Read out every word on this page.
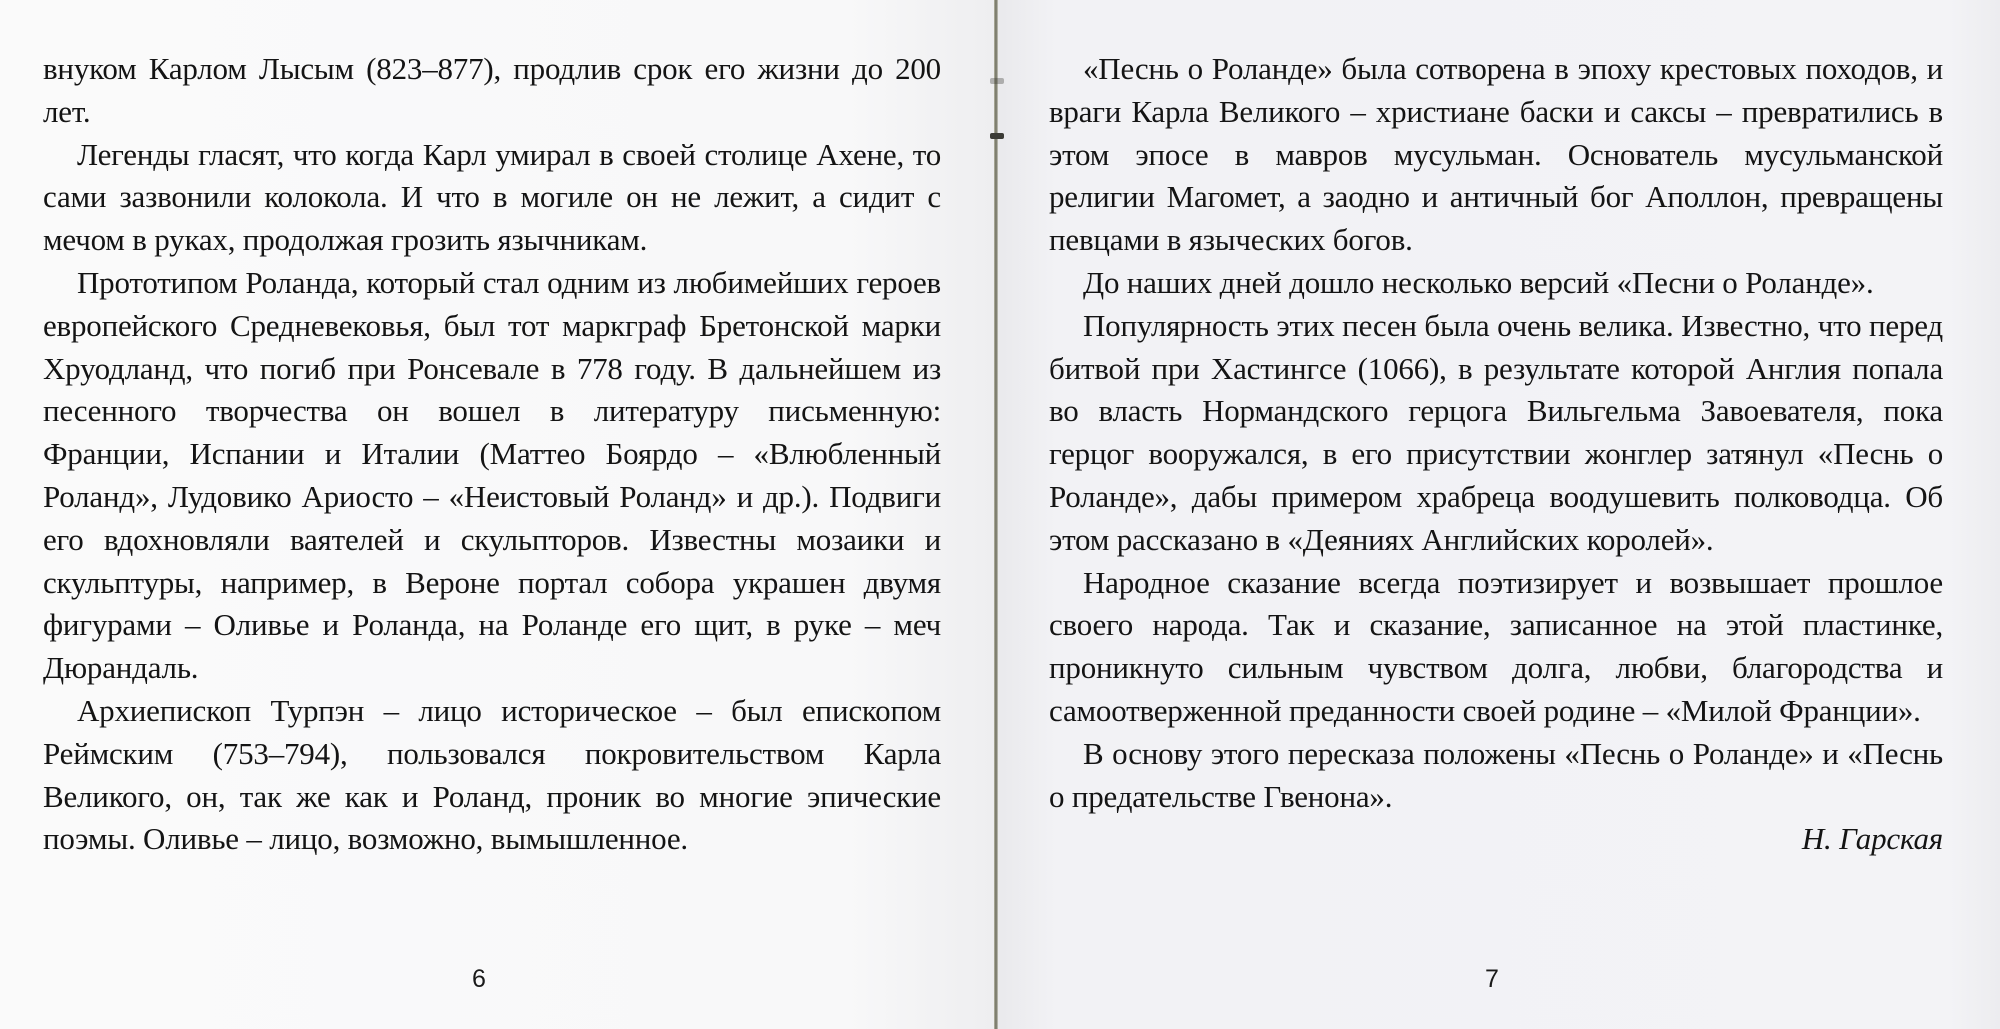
внуком Карлом Лысым (823–877), продлив срок его жизни до 200 лет.

Легенды гласят, что когда Карл умирал в своей столице Ахене, то сами зазвонили колокола. И что в могиле он не лежит, а сидит с мечом в руках, продолжая грозить язычникам.

Прототипом Роланда, который стал одним из любимейших героев европейского Средневековья, был тот маркграф Бретонской марки Хруодланд, что погиб при Ронсевале в 778 году. В дальнейшем из песенного творчества он вошел в литературу письменную: Франции, Испании и Италии (Маттео Боярдо – «Влюбленный Роланд», Лудовико Ариосто – «Неистовый Роланд» и др.). Подвиги его вдохновляли ваятелей и скульпторов. Известны мозаики и скульптуры, например, в Вероне портал собора украшен двумя фигурами – Оливье и Роланда, на Роланде его щит, в руке – меч Дюрандаль.

Архиепископ Турпэн – лицо историческое – был епископом Реймским (753–794), пользовался покровительством Карла Великого, он, так же как и Роланд, проник во многие эпические поэмы. Оливье – лицо, возможно, вымышленное.

6

«Песнь о Роланде» была сотворена в эпоху крестовых походов, и враги Карла Великого – христиане баски и саксы – превратились в этом эпосе в мавров мусульман. Основатель мусульманской религии Магомет, а заодно и античный бог Аполлон, превращены певцами в языческих богов.

До наших дней дошло несколько версий «Песни о Роланде».

Популярность этих песен была очень велика. Известно, что перед битвой при Хастингсе (1066), в результате которой Англия попала во власть Нормандского герцога Вильгельма Завоевателя, пока герцог вооружался, в его присутствии жонглер затянул «Песнь о Роланде», дабы примером храбреца воодушевить полководца. Об этом рассказано в «Деяниях Английских королей».

Народное сказание всегда поэтизирует и возвышает прошлое своего народа. Так и сказание, записанное на этой пластинке, проникнуто сильным чувством долга, любви, благородства и самоотверженной преданности своей родине – «Милой Франции».

В основу этого пересказа положены «Песнь о Роланде» и «Песнь о предательстве Гвенона».

Н. Гарская

7
